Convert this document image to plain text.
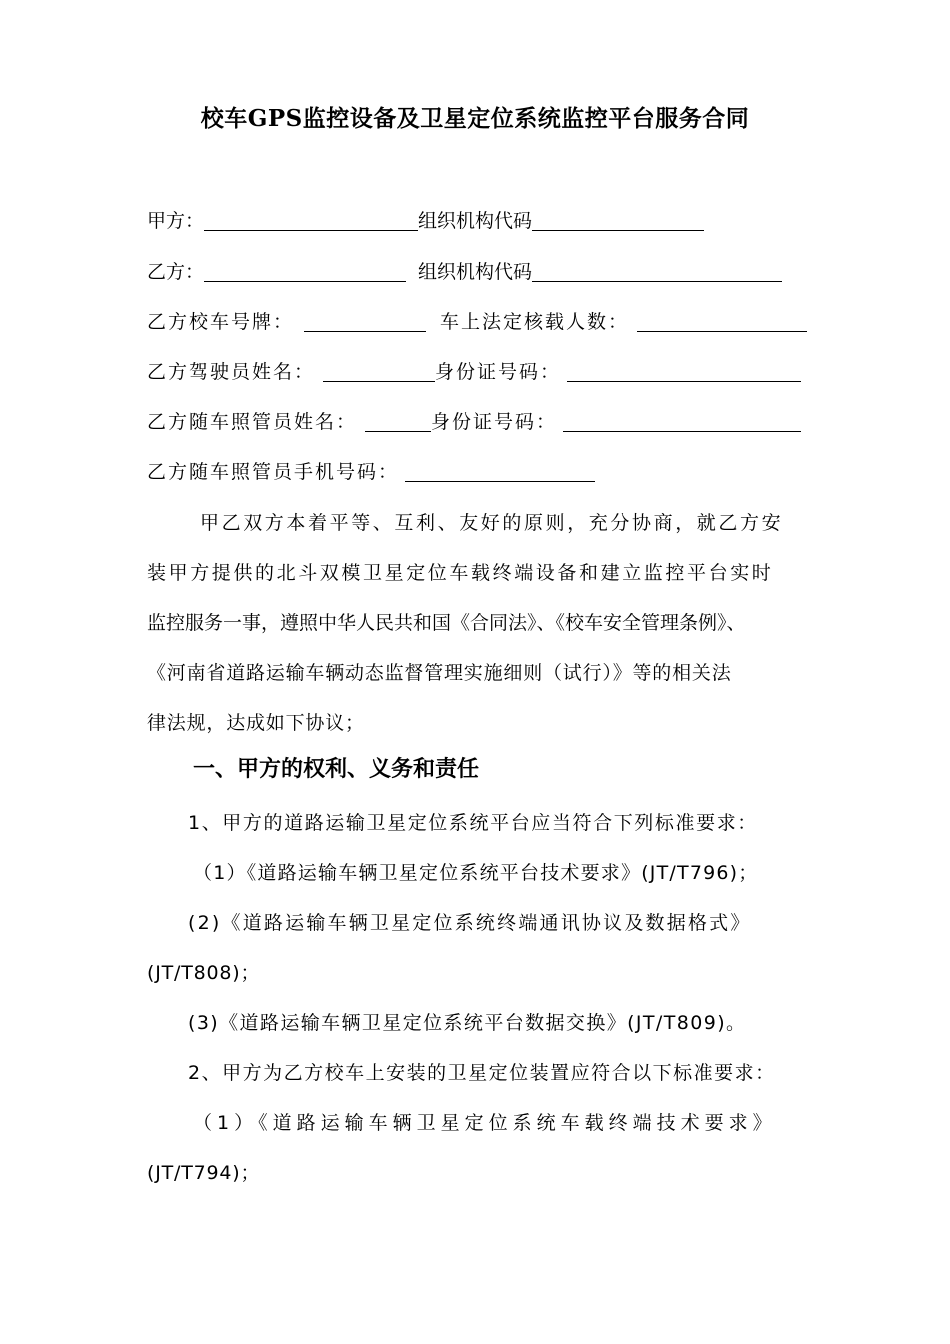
校车GPS监控设备及卫星定位系统监控平台服务合同
甲方：	组织机构代码
乙方：	组织机构代码
乙方校车号牌：	车上法定核载人数：
乙方驾驶员姓名：	身份证号码：
乙方随车照管员姓名：	身份证号码：
乙方随车照管员手机号码：
甲乙双方本着平等、互利、友好的原则，充分协商，就乙方安
装甲方提供的北斗双模卫星定位车载终端设备和建立监控平台实时
监控服务一事，遵照中华人民共和国《合同法》、《校车安全管理条例》、
《河南省道路运输车辆动态监督管理实施细则（试行）》等的相关法
律法规，达成如下协议；
一、甲方的权利、义务和责任
1、甲方的道路运输卫星定位系统平台应当符合下列标准要求：
（1）《道路运输车辆卫星定位系统平台技术要求》(JT/T796)；
(2)《道路运输车辆卫星定位系统终端通讯协议及数据格式》
(JT/T808)；
(3)《道路运输车辆卫星定位系统平台数据交换》(JT/T809)。
2、甲方为乙方校车上安装的卫星定位装置应符合以下标准要求：
（1）《道路运输车辆卫星定位系统车载终端技术要求》
(JT/T794)；
